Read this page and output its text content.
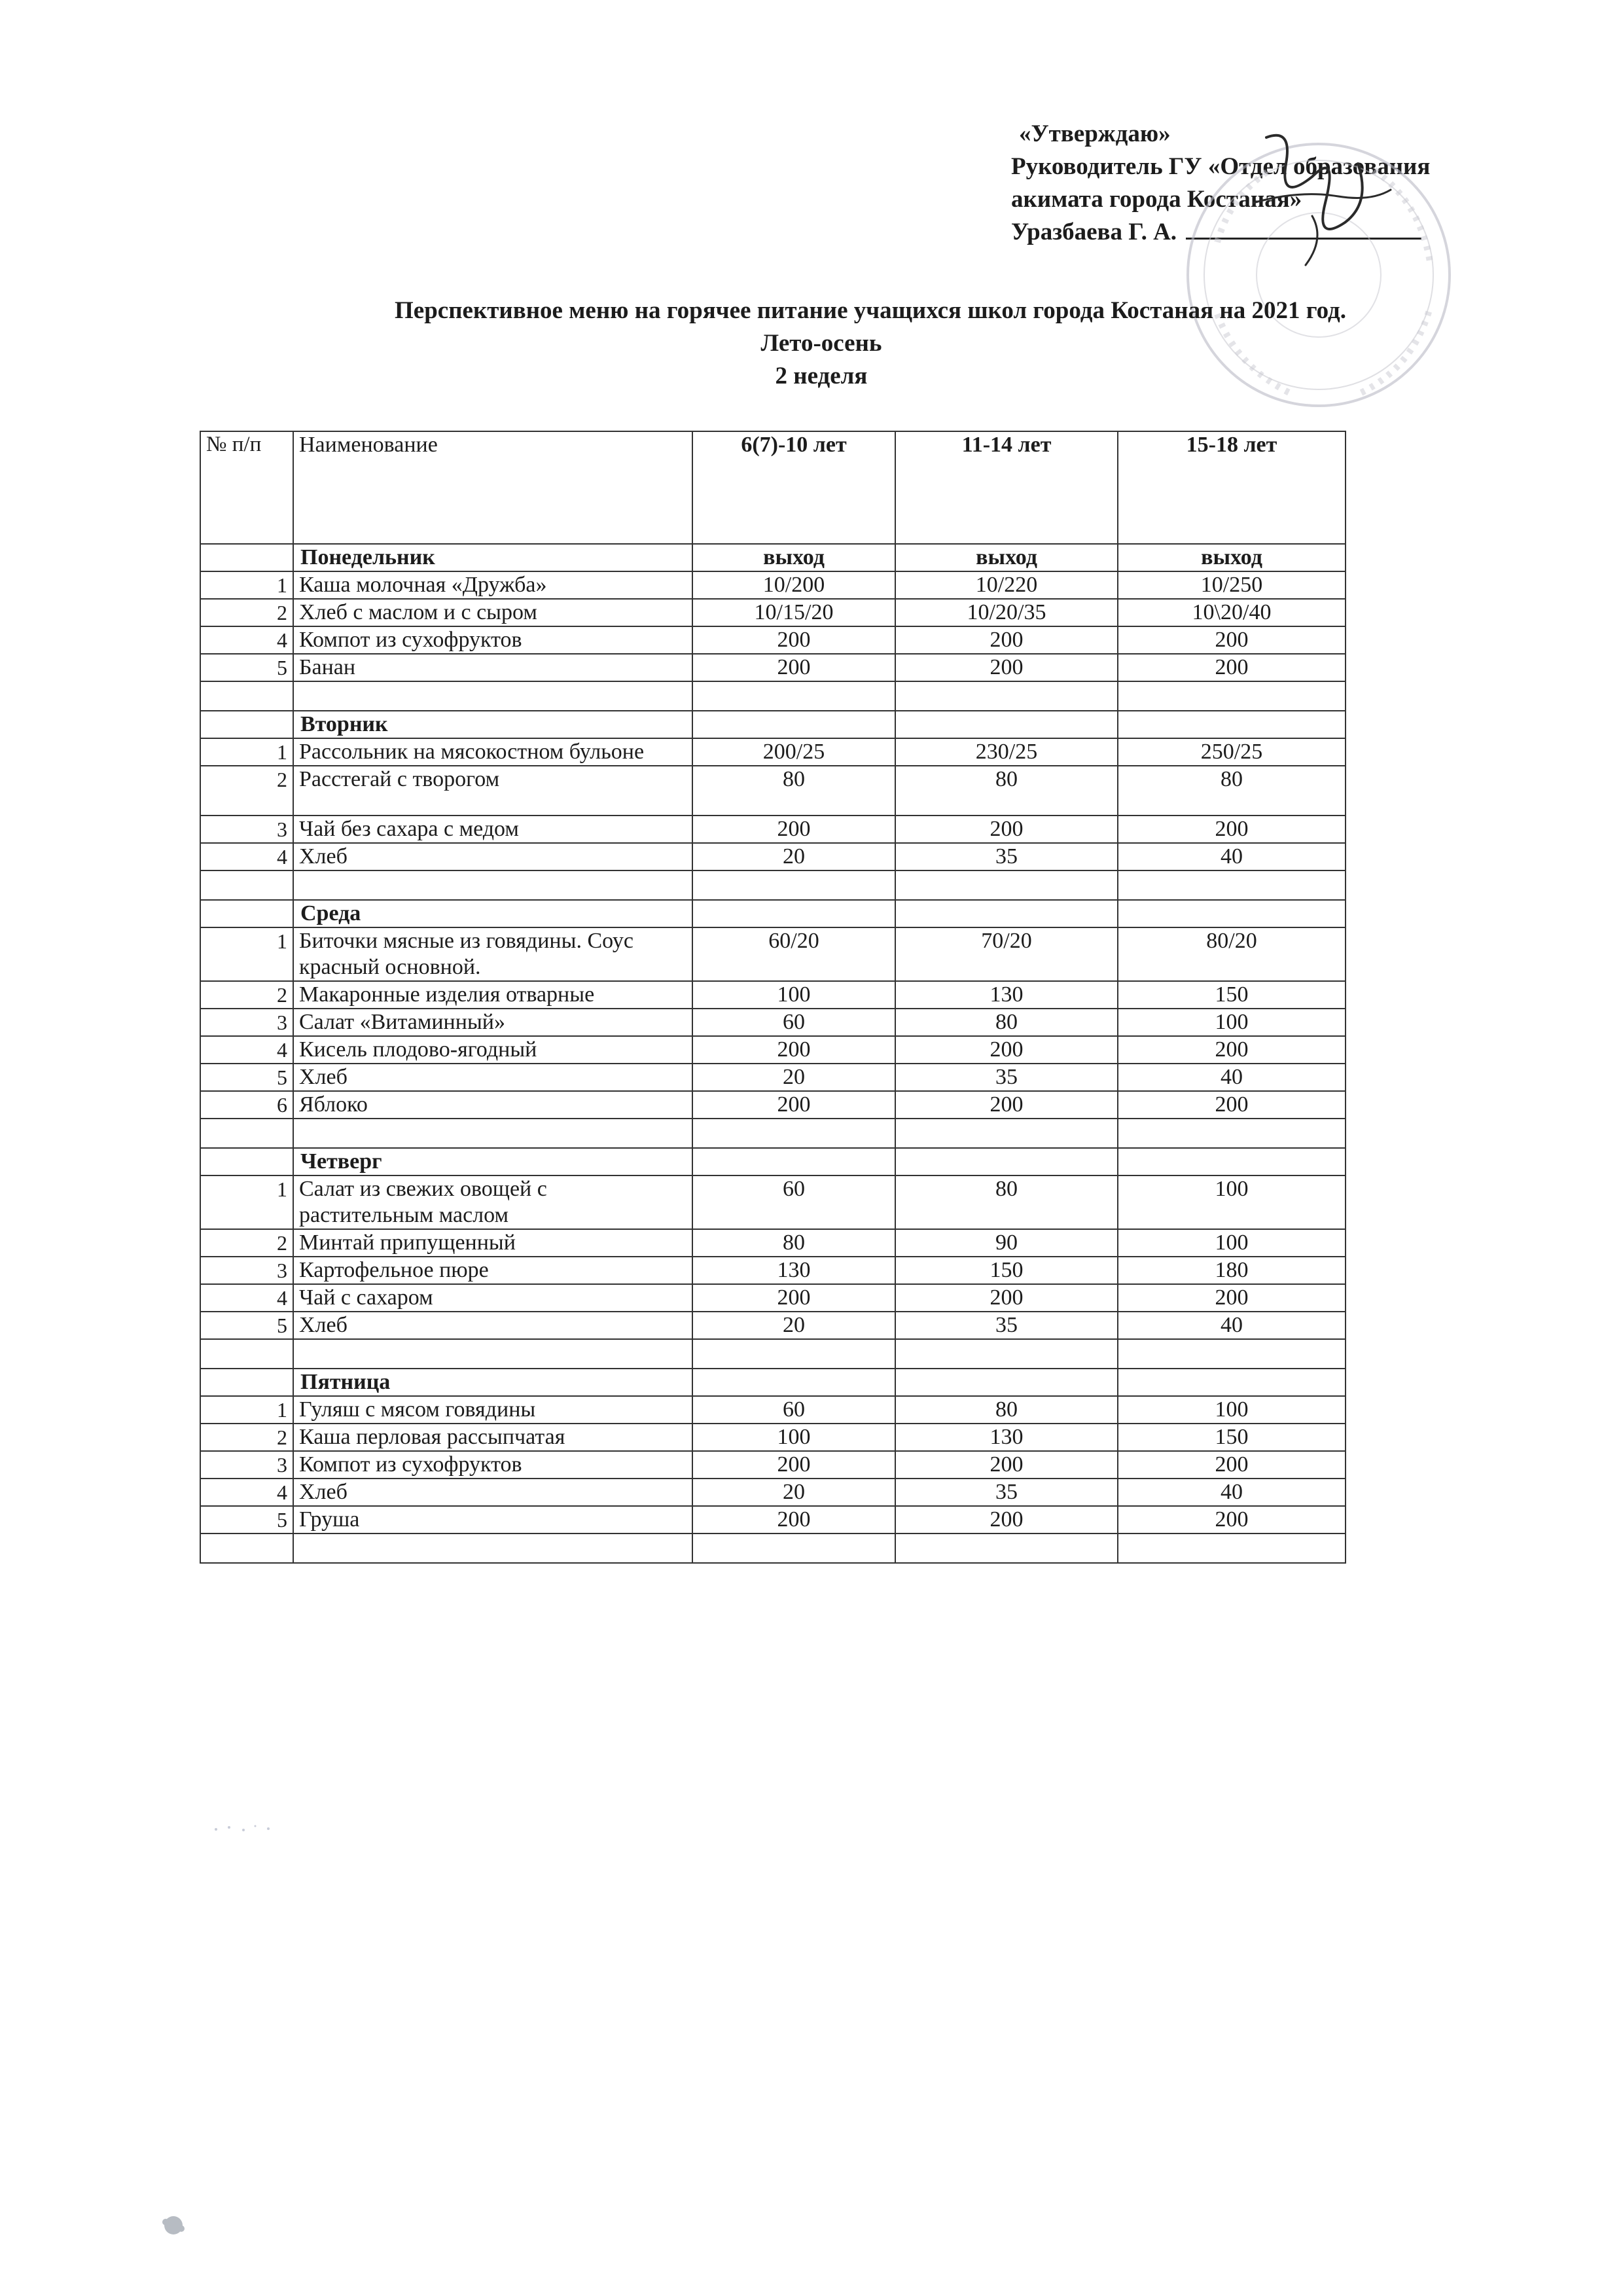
«Утверждаю»
Руководитель ГУ «Отдел образования
акимата города Костаная»
Уразбаева Г. А.
Перспективное меню на горячее питание учащихся школ города Костаная на 2021 год.
Лето-осень
2 неделя
№ п/п	Наименование	6(7)-10 лет	11-14 лет	15-18 лет
	Понедельник	выход	выход	выход
1	Каша молочная «Дружба»	10/200	10/220	10/250
2	Хлеб с маслом и с сыром	10/15/20	10/20/35	10\20/40
4	Компот из сухофруктов	200	200	200
5	Банан	200	200	200

	Вторник			
1	Рассольник на мясокостном бульоне	200/25	230/25	250/25
2	Расстегай с творогом	80	80	80
3	Чай без сахара с медом	200	200	200
4	Хлеб	20	35	40

	Среда			
1	Биточки мясные из говядины. Соус красный основной.	60/20	70/20	80/20
2	Макаронные изделия отварные	100	130	150
3	Салат «Витаминный»	60	80	100
4	Кисель плодово-ягодный	200	200	200
5	Хлеб	20	35	40
6	Яблоко	200	200	200

	Четверг			
1	Салат из свежих овощей с растительным маслом	60	80	100
2	Минтай припущенный	80	90	100
3	Картофельное пюре	130	150	180
4	Чай с сахаром	200	200	200
5	Хлеб	20	35	40

	Пятница			
1	Гуляш с мясом говядины	60	80	100
2	Каша перловая рассыпчатая	100	130	150
3	Компот из сухофруктов	200	200	200
4	Хлеб	20	35	40
5	Груша	200	200	200
